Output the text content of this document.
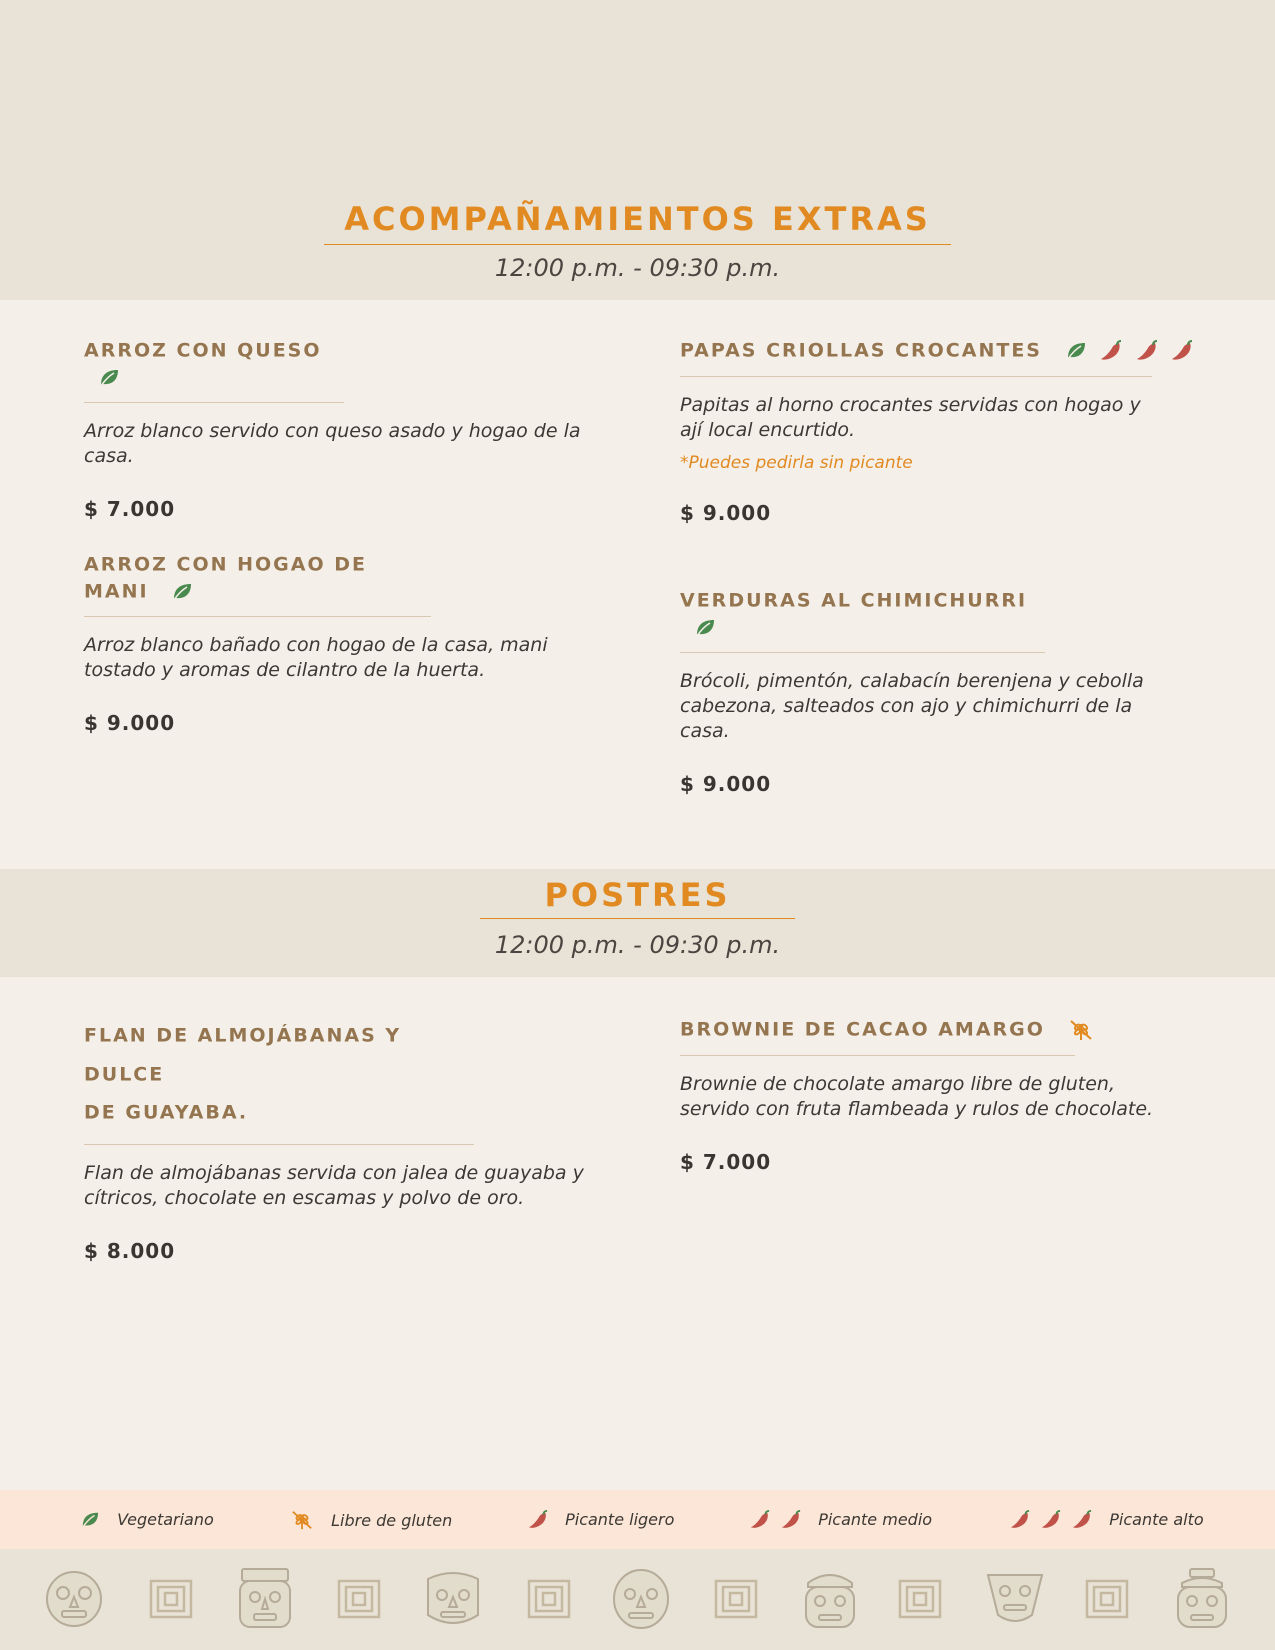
ACOMPAÑAMIENTOS EXTRAS
12:00 p.m. - 09:30 p.m.
ARROZ CON QUESO
Arroz blanco servido con queso asado y hogao de la casa.
$ 7.000
ARROZ CON HOGAO DE MANI
Arroz blanco bañado con hogao de la casa, mani tostado y aromas de cilantro de la huerta.
$ 9.000
PAPAS CRIOLLAS CROCANTES
Papitas al horno crocantes servidas con hogao y ají local encurtido.
*Puedes pedirla sin picante
$ 9.000
VERDURAS AL CHIMICHURRI
Brócoli, pimentón, calabacín berenjena y cebolla cabezona, salteados con ajo y chimichurri de la casa.
$ 9.000
POSTRES
12:00 p.m. - 09:30 p.m.
FLAN DE ALMOJÁBANAS Y DULCE
DE GUAYABA.
Flan de almojábanas servida con jalea de guayaba y cítricos, chocolate en escamas y polvo de oro.
$ 8.000
BROWNIE DE CACAO AMARGO
Brownie de chocolate amargo libre de gluten, servido con fruta flambeada y rulos de chocolate.
$ 7.000
Vegetariano	Libre de gluten	Picante ligero	Picante medio	Picante alto
